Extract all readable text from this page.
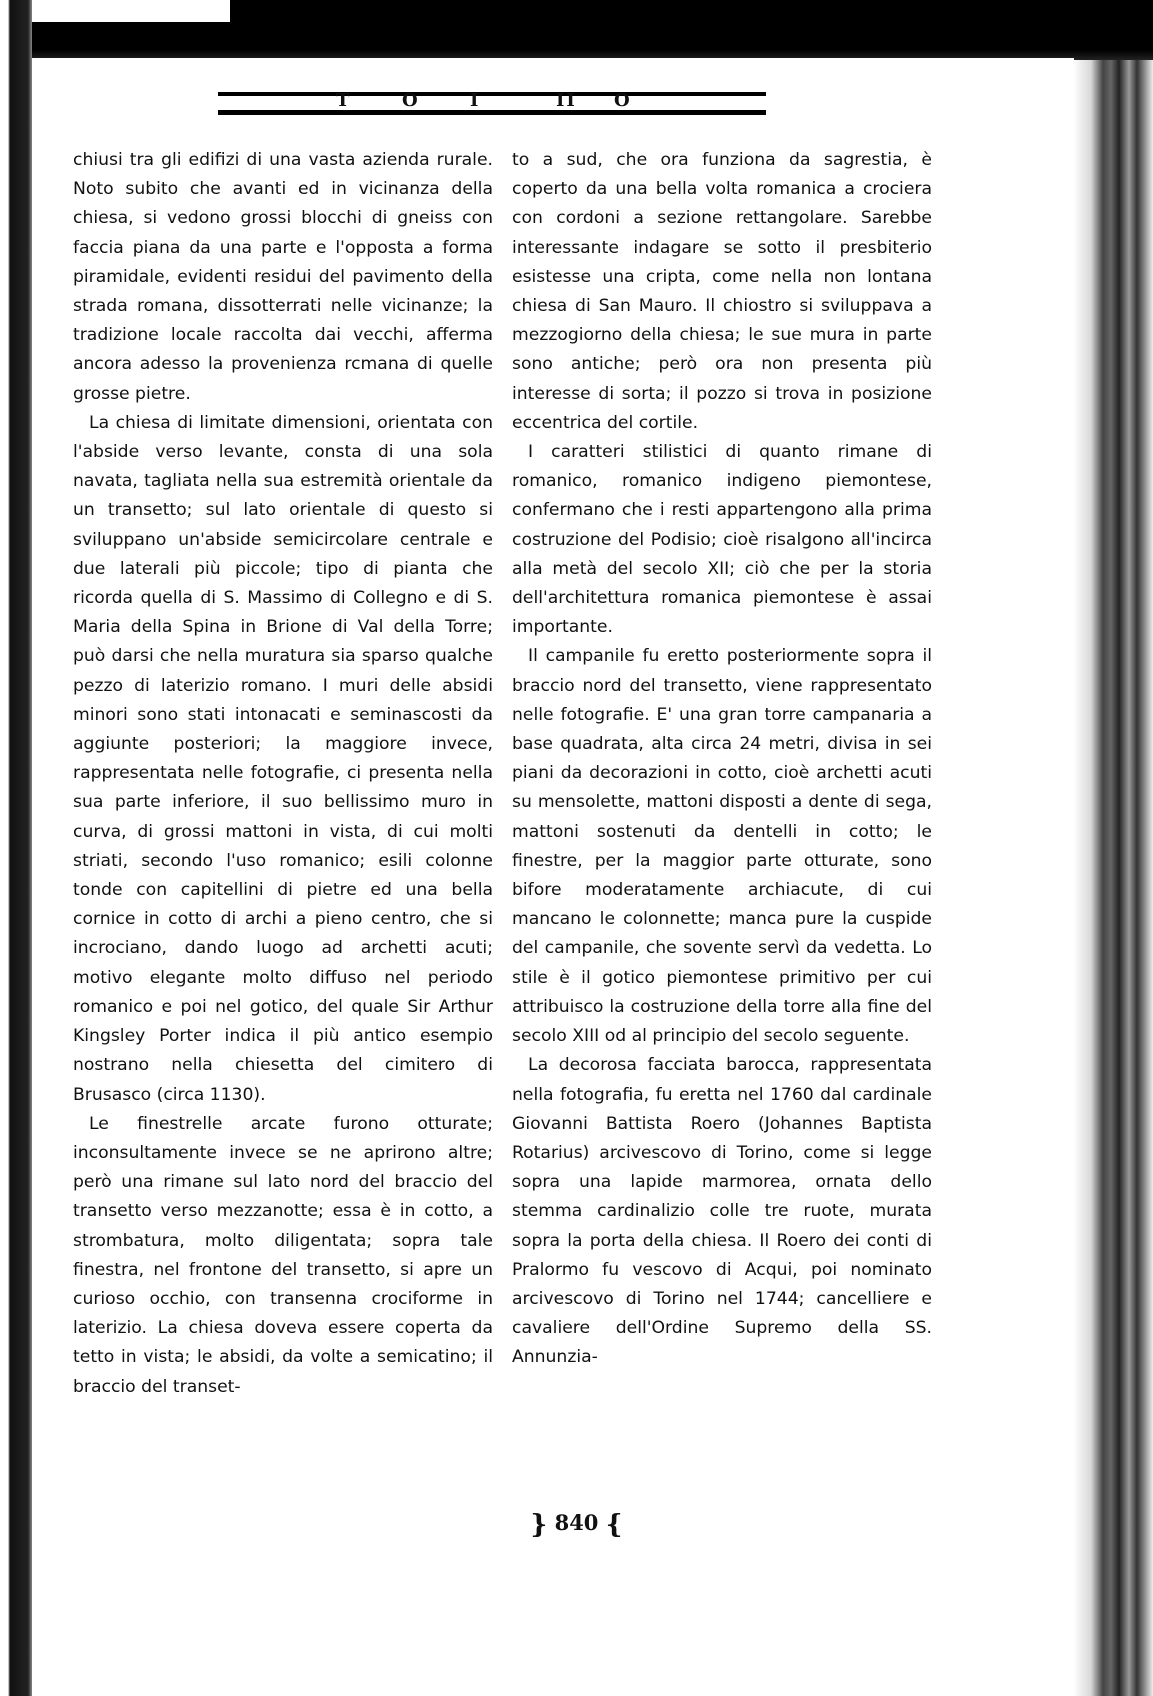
T	O	I	II O

chiusi tra gli edifizi di una vasta azienda rurale. Noto subito che avanti ed in vicinanza della chiesa, si vedono grossi blocchi di gneiss con faccia piana da una parte e l'opposta a forma piramidale, evidenti residui del pavimento della strada romana, dissotterrati nelle vicinanze; la tradizione locale raccolta dai vecchi, afferma ancora adesso la provenienza rcmana di quelle grosse pietre.

La chiesa di limitate dimensioni, orientata con l'abside verso levante, consta di una sola navata, tagliata nella sua estremità orientale da un transetto; sul lato orientale di questo si sviluppano un'abside semicircolare centrale e due laterali più piccole; tipo di pianta che ricorda quella di S. Massimo di Collegno e di S. Maria della Spina in Brione di Val della Torre; può darsi che nella muratura sia sparso qualche pezzo di laterizio romano. I muri delle absidi minori sono stati intonacati e seminascosti da aggiunte posteriori; la maggiore invece, rappresentata nelle fotografie, ci presenta nella sua parte inferiore, il suo bellissimo muro in curva, di grossi mattoni in vista, di cui molti striati, secondo l'uso romanico; esili colonne tonde con capitellini di pietre ed una bella cornice in cotto di archi a pieno centro, che si incrociano, dando luogo ad archetti acuti; motivo elegante molto diffuso nel periodo romanico e poi nel gotico, del quale Sir Arthur Kingsley Porter indica il più antico esempio nostrano nella chiesetta del cimitero di Brusasco (circa 1130).

Le finestrelle arcate furono otturate; inconsultamente invece se ne aprirono altre; però una rimane sul lato nord del braccio del transetto verso mezzanotte; essa è in cotto, a strombatura, molto diligentata; sopra tale finestra, nel frontone del transetto, si apre un curioso occhio, con transenna crociforme in laterizio. La chiesa doveva essere coperta da tetto in vista; le absidi, da volte a semicatino; il braccio del transet-

to a sud, che ora funziona da sagrestia, è coperto da una bella volta romanica a crociera con cordoni a sezione rettangolare. Sarebbe interessante indagare se sotto il presbiterio esistesse una cripta, come nella non lontana chiesa di San Mauro. Il chiostro si sviluppava a mezzogiorno della chiesa; le sue mura in parte sono antiche; però ora non presenta più interesse di sorta; il pozzo si trova in posizione eccentrica del cortile.

I caratteri stilistici di quanto rimane di romanico, romanico indigeno piemontese, confermano che i resti appartengono alla prima costruzione del Podisio; cioè risalgono all'incirca alla metà del secolo XII; ciò che per la storia dell'architettura romanica piemontese è assai importante.

Il campanile fu eretto posteriormente sopra il braccio nord del transetto, viene rappresentato nelle fotografie. E' una gran torre campanaria a base quadrata, alta circa 24 metri, divisa in sei piani da decorazioni in cotto, cioè archetti acuti su mensolette, mattoni disposti a dente di sega, mattoni sostenuti da dentelli in cotto; le finestre, per la maggior parte otturate, sono bifore moderatamente archiacute, di cui mancano le colonnette; manca pure la cuspide del campanile, che sovente servì da vedetta. Lo stile è il gotico piemontese primitivo per cui attribuisco la costruzione della torre alla fine del secolo XIII od al principio del secolo seguente.

La decorosa facciata barocca, rappresentata nella fotografia, fu eretta nel 1760 dal cardinale Giovanni Battista Roero (Johannes Baptista Rotarius) arcivescovo di Torino, come si legge sopra una lapide marmorea, ornata dello stemma cardinalizio colle tre ruote, murata sopra la porta della chiesa. Il Roero dei conti di Pralormo fu vescovo di Acqui, poi nominato arcivescovo di Torino nel 1744; cancelliere e cavaliere dell'Ordine Supremo della SS. Annunzia-

} 840 {
